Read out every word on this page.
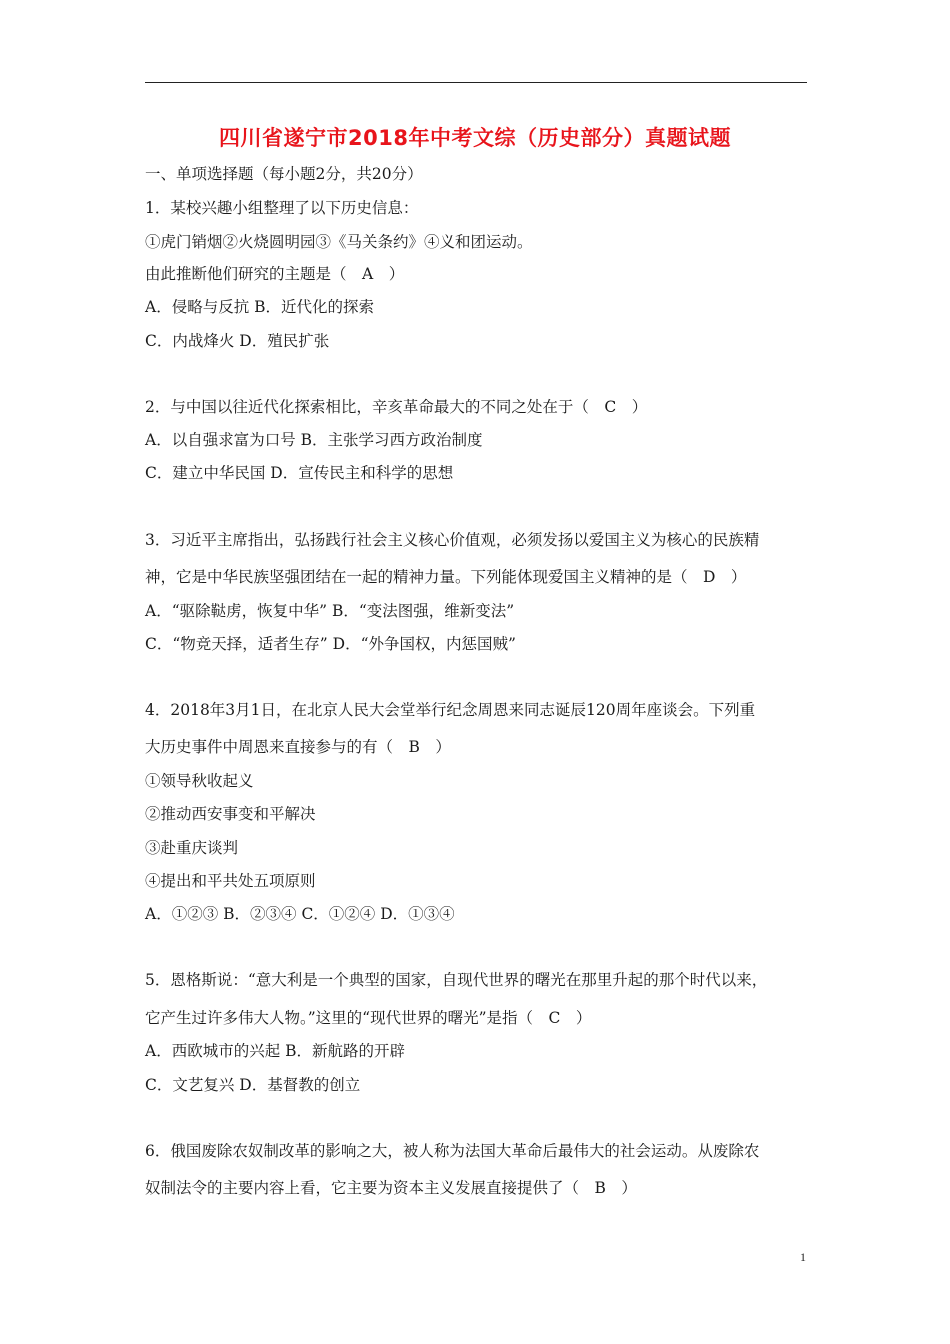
四川省遂宁市2018年中考文综（历史部分）真题试题
一、单项选择题（每小题2分，共20分）
1．某校兴趣小组整理了以下历史信息：
①虎门销烟②火烧圆明园③《马关条约》④义和团运动。
由此推断他们研究的主题是（　A　）
A．侵略与反抗 B．近代化的探索
C．内战烽火 D．殖民扩张
2．与中国以往近代化探索相比，辛亥革命最大的不同之处在于（　C　）
A．以自强求富为口号 B．主张学习西方政治制度
C．建立中华民国 D．宣传民主和科学的思想
3．习近平主席指出，弘扬践行社会主义核心价值观，必须发扬以爱国主义为核心的民族精
神，它是中华民族坚强团结在一起的精神力量。下列能体现爱国主义精神的是（　D　）
A．“驱除鞑虏，恢复中华” B．“变法图强，维新变法”
C．“物竞天择，适者生存” D．“外争国权，内惩国贼”
4．2018年3月1日，在北京人民大会堂举行纪念周恩来同志诞辰120周年座谈会。下列重
大历史事件中周恩来直接参与的有（　B　）
①领导秋收起义
②推动西安事变和平解决
③赴重庆谈判
④提出和平共处五项原则
A．①②③ B．②③④ C．①②④ D．①③④
5．恩格斯说：“意大利是一个典型的国家，自现代世界的曙光在那里升起的那个时代以来，
它产生过许多伟大人物。”这里的“现代世界的曙光”是指（　C　）
A．西欧城市的兴起 B．新航路的开辟
C．文艺复兴 D．基督教的创立
6．俄国废除农奴制改革的影响之大，被人称为法国大革命后最伟大的社会运动。从废除农
奴制法令的主要内容上看，它主要为资本主义发展直接提供了（　B　）
1
